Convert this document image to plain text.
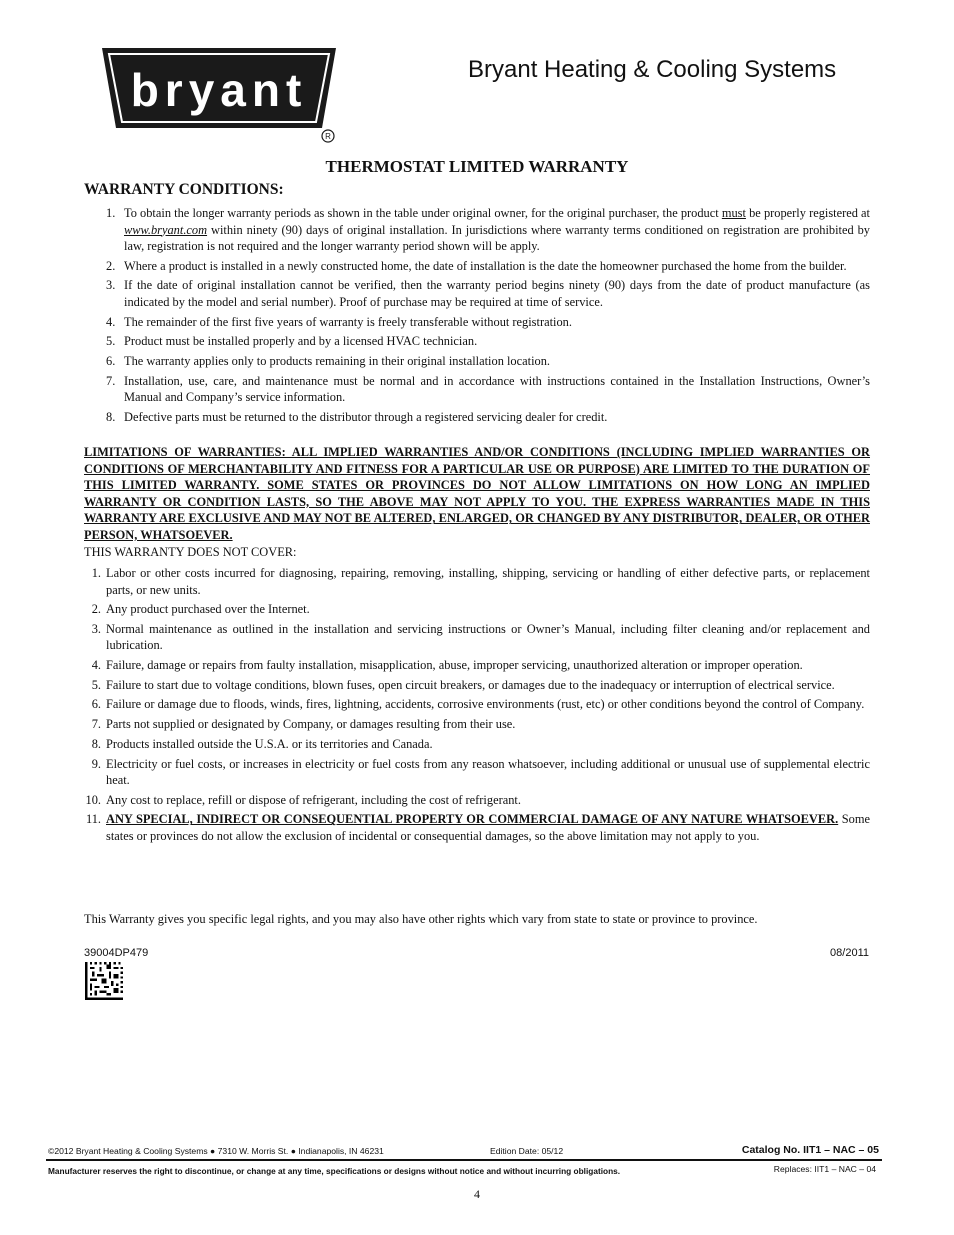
bryant
R
Bryant Heating & Cooling Systems
THERMOSTAT LIMITED WARRANTY
WARRANTY CONDITIONS:
1. To obtain the longer warranty periods as shown in the table under original owner, for the original purchaser, the product must be properly registered at www.bryant.com within ninety (90) days of original installation. In jurisdictions where warranty terms conditioned on registration are prohibited by law, registration is not required and the longer warranty period shown will be apply.
2. Where a product is installed in a newly constructed home, the date of installation is the date the homeowner purchased the home from the builder.
3. If the date of original installation cannot be verified, then the warranty period begins ninety (90) days from the date of product manufacture (as indicated by the model and serial number). Proof of purchase may be required at time of service.
4. The remainder of the first five years of warranty is freely transferable without registration.
5. Product must be installed properly and by a licensed HVAC technician.
6. The warranty applies only to products remaining in their original installation location.
7. Installation, use, care, and maintenance must be normal and in accordance with instructions contained in the Installation Instructions, Owner’s Manual and Company’s service information.
8. Defective parts must be returned to the distributor through a registered servicing dealer for credit.

LIMITATIONS OF WARRANTIES: ALL IMPLIED WARRANTIES AND/OR CONDITIONS (INCLUDING IMPLIED WARRANTIES OR CONDITIONS OF MERCHANTABILITY AND FITNESS FOR A PARTICULAR USE OR PURPOSE) ARE LIMITED TO THE DURATION OF THIS LIMITED WARRANTY. SOME STATES OR PROVINCES DO NOT ALLOW LIMITATIONS ON HOW LONG AN IMPLIED WARRANTY OR CONDITION LASTS, SO THE ABOVE MAY NOT APPLY TO YOU. THE EXPRESS WARRANTIES MADE IN THIS WARRANTY ARE EXCLUSIVE AND MAY NOT BE ALTERED, ENLARGED, OR CHANGED BY ANY DISTRIBUTOR, DEALER, OR OTHER PERSON, WHATSOEVER.

THIS WARRANTY DOES NOT COVER:
1. Labor or other costs incurred for diagnosing, repairing, removing, installing, shipping, servicing or handling of either defective parts, or replacement parts, or new units.
2. Any product purchased over the Internet.
3. Normal maintenance as outlined in the installation and servicing instructions or Owner’s Manual, including filter cleaning and/or replacement and lubrication.
4. Failure, damage or repairs from faulty installation, misapplication, abuse, improper servicing, unauthorized alteration or improper operation.
5. Failure to start due to voltage conditions, blown fuses, open circuit breakers, or damages due to the inadequacy or interruption of electrical service.
6. Failure or damage due to floods, winds, fires, lightning, accidents, corrosive environments (rust, etc) or other conditions beyond the control of Company.
7. Parts not supplied or designated by Company, or damages resulting from their use.
8. Products installed outside the U.S.A. or its territories and Canada.
9. Electricity or fuel costs, or increases in electricity or fuel costs from any reason whatsoever, including additional or unusual use of supplemental electric heat.
10. Any cost to replace, refill or dispose of refrigerant, including the cost of refrigerant.
11. ANY SPECIAL, INDIRECT OR CONSEQUENTIAL PROPERTY OR COMMERCIAL DAMAGE OF ANY NATURE WHATSOEVER. Some states or provinces do not allow the exclusion of incidental or consequential damages, so the above limitation may not apply to you.
This Warranty gives you specific legal rights, and you may also have other rights which vary from state to state or province to province.
39004DP479	08/2011
©2012 Bryant Heating & Cooling Systems ● 7310 W. Morris St. ● Indianapolis, IN 46231	Edition Date: 05/12	Catalog No. IIT1 – NAC – 05
Manufacturer reserves the right to discontinue, or change at any time, specifications or designs without notice and without incurring obligations.	Replaces: IIT1 – NAC – 04
4
